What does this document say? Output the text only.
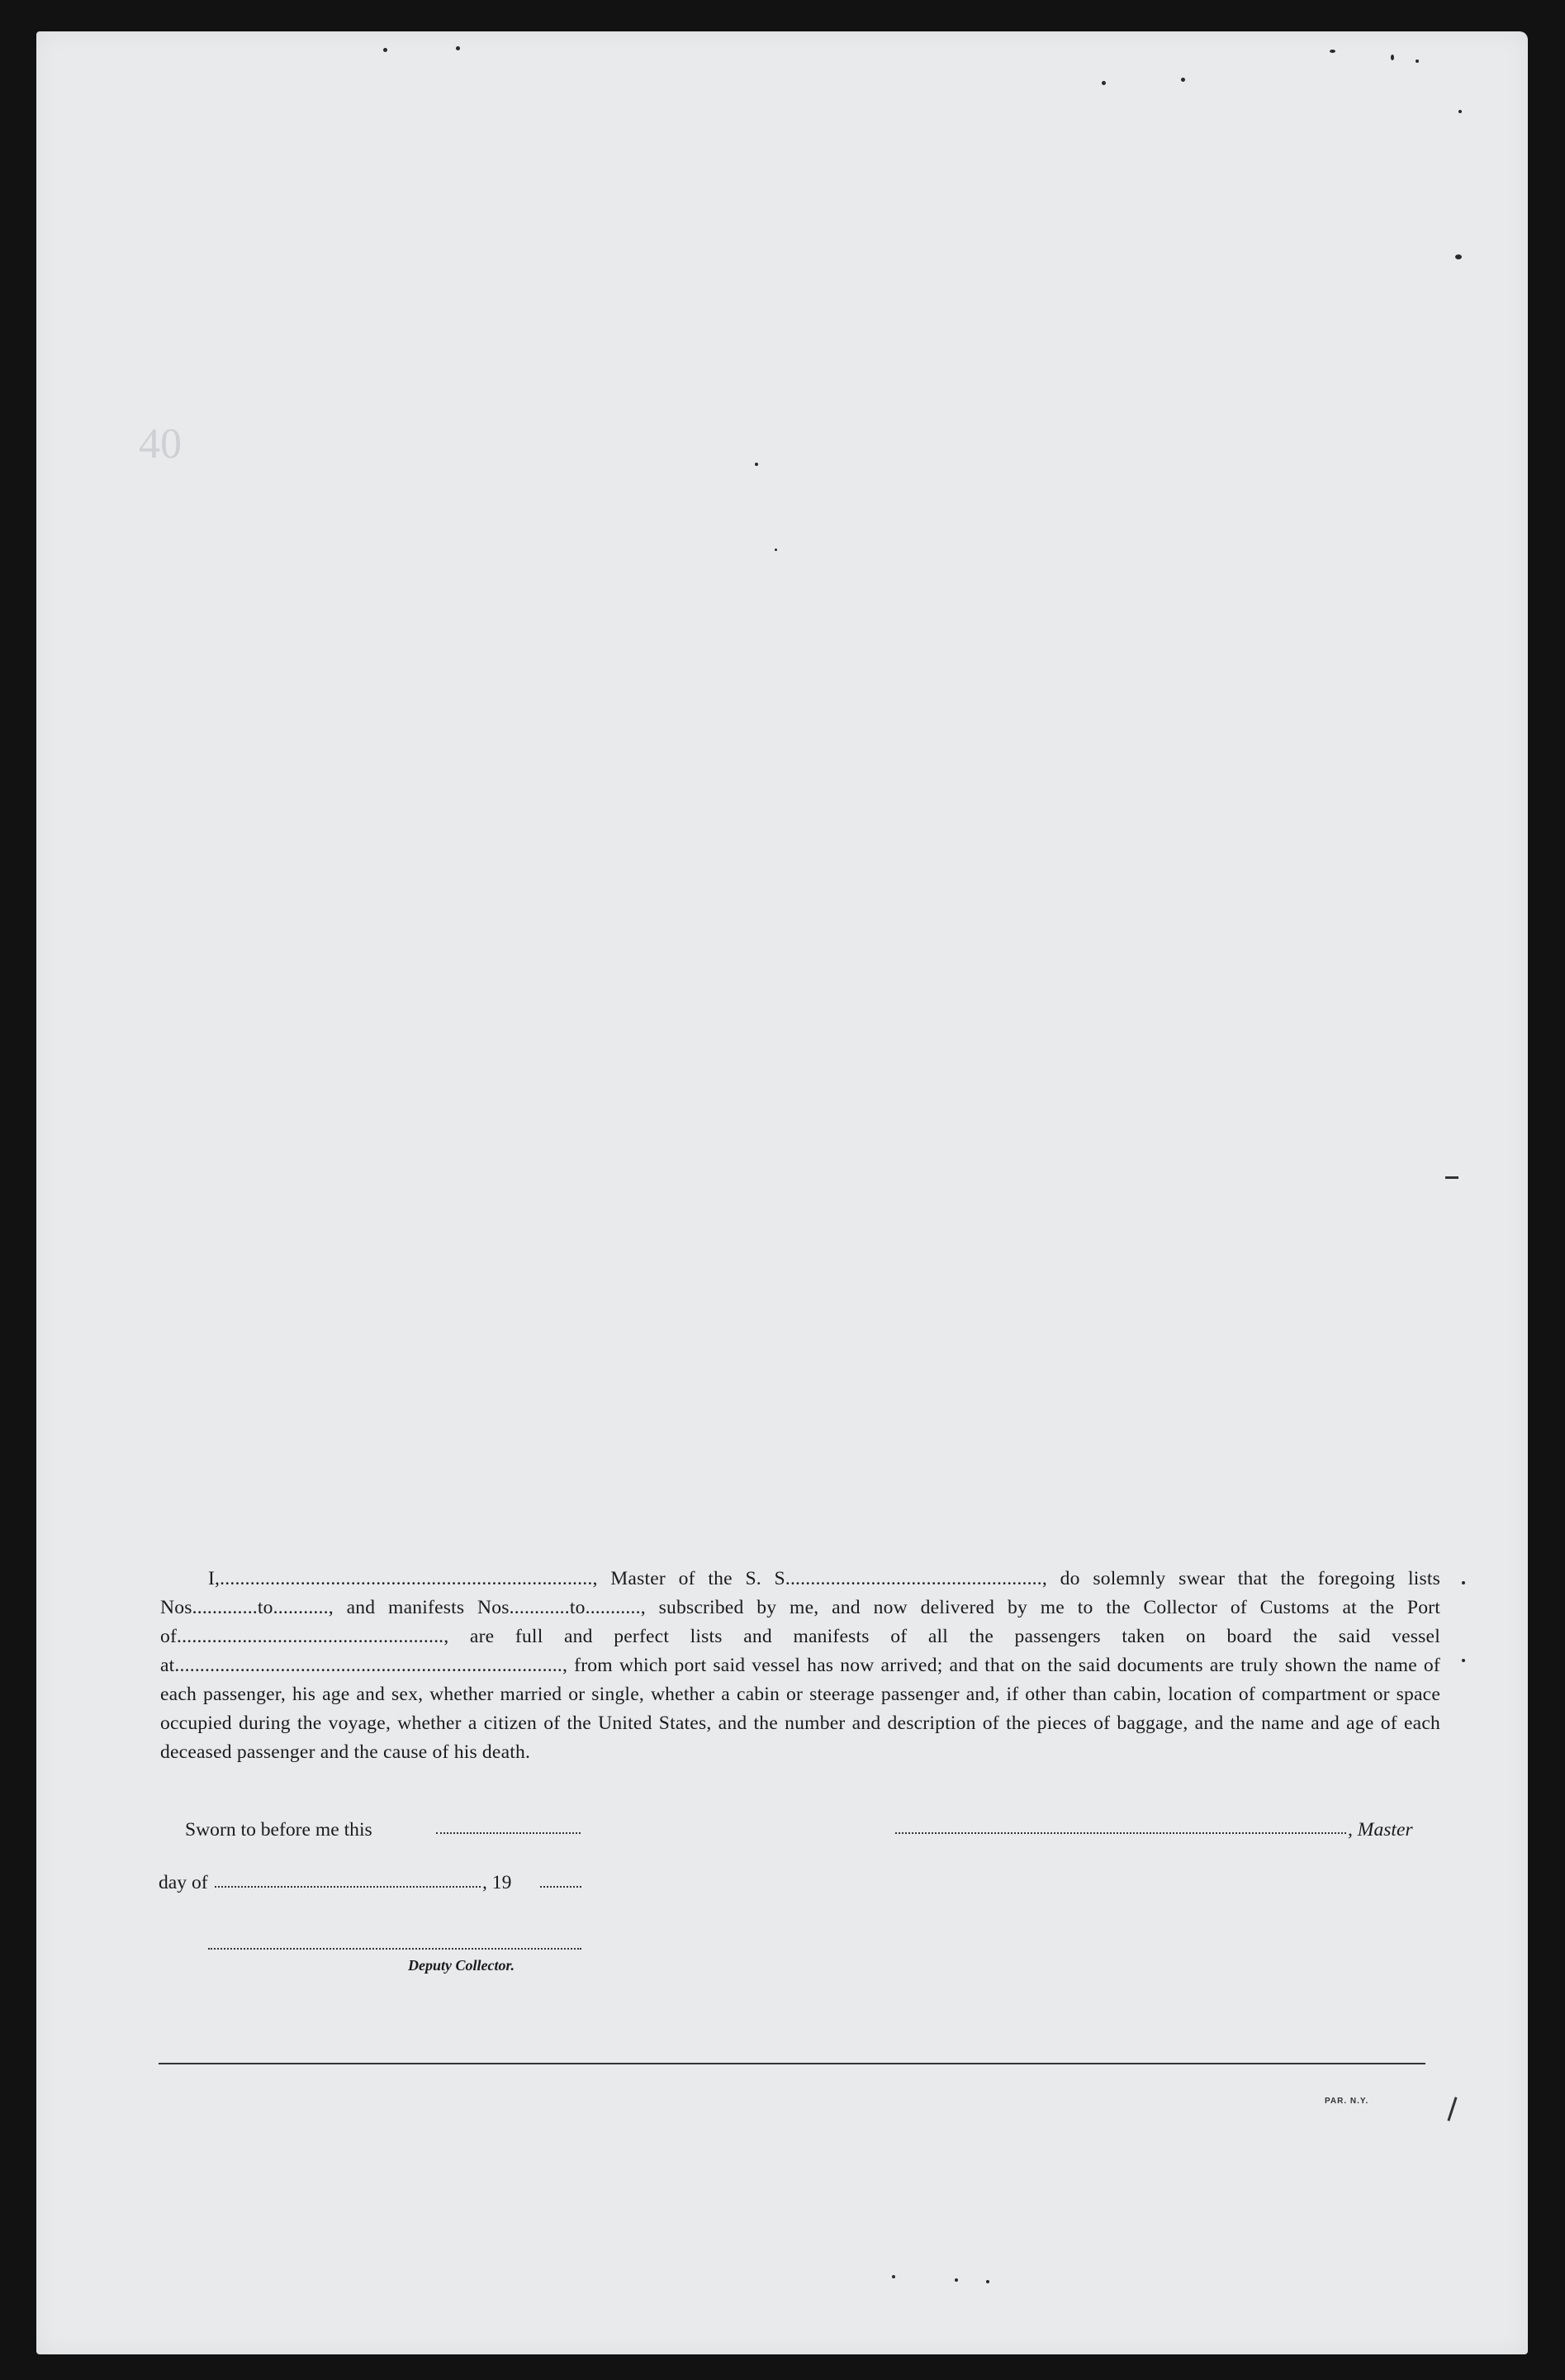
40
I,.........................................................................., Master of the S. S..................................................., do solemnly swear that the foregoing lists Nos.............to..........., and manifests Nos............to..........., subscribed by me, and now delivered by me to the Collector of Customs at the Port of....................................................., are full and perfect lists and manifests of all the passengers taken on board the said vessel at............................................................................., from which port said vessel has now arrived; and that on the said documents are truly shown the name of each passenger, his age and sex, whether married or single, whether a cabin or steerage passenger and, if other than cabin, location of compartment or space occupied during the voyage, whether a citizen of the United States, and the number and description of the pieces of baggage, and the name and age of each deceased passenger and the cause of his death.
Sworn to before me this	, Master
day of	, 19
Deputy Collector.
PAR. N.Y.
